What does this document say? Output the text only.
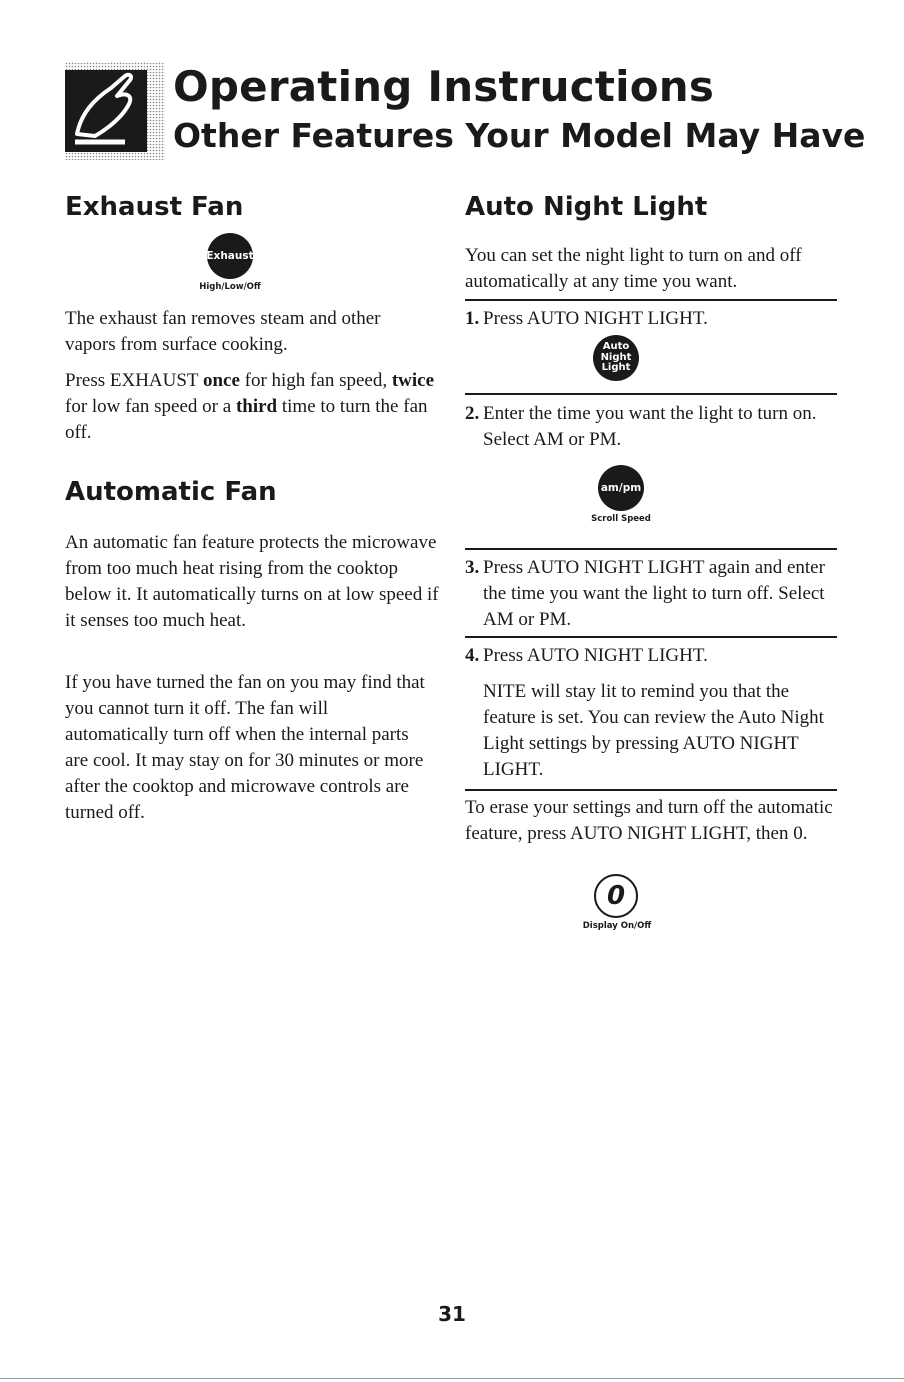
Operating Instructions
Other Features Your Model May Have
Exhaust Fan
Exhaust
High/Low/Off

The exhaust fan removes steam and other vapors from surface cooking.

Press EXHAUST once for high fan speed, twice for low fan speed or a third time to turn the fan off.

Automatic Fan

An automatic fan feature protects the microwave from too much heat rising from the cooktop below it. It automatically turns on at low speed if it senses too much heat.

If you have turned the fan on you may find that you cannot turn it off. The fan will automatically turn off when the internal parts are cool. It may stay on for 30 minutes or more after the cooktop and microwave controls are turned off.

Auto Night Light

You can set the night light to turn on and off automatically at any time you want.

1. Press AUTO NIGHT LIGHT.
Auto
Night
Light
2. Enter the time you want the light to turn on. Select AM or PM.
am/pm
Scroll Speed
3. Press AUTO NIGHT LIGHT again and enter the time you want the light to turn off. Select AM or PM.
4. Press AUTO NIGHT LIGHT.
NITE will stay lit to remind you that the feature is set. You can review the Auto Night Light settings by pressing AUTO NIGHT LIGHT.

To erase your settings and turn off the automatic feature, press AUTO NIGHT LIGHT, then 0.

0
Display On/Off
31
